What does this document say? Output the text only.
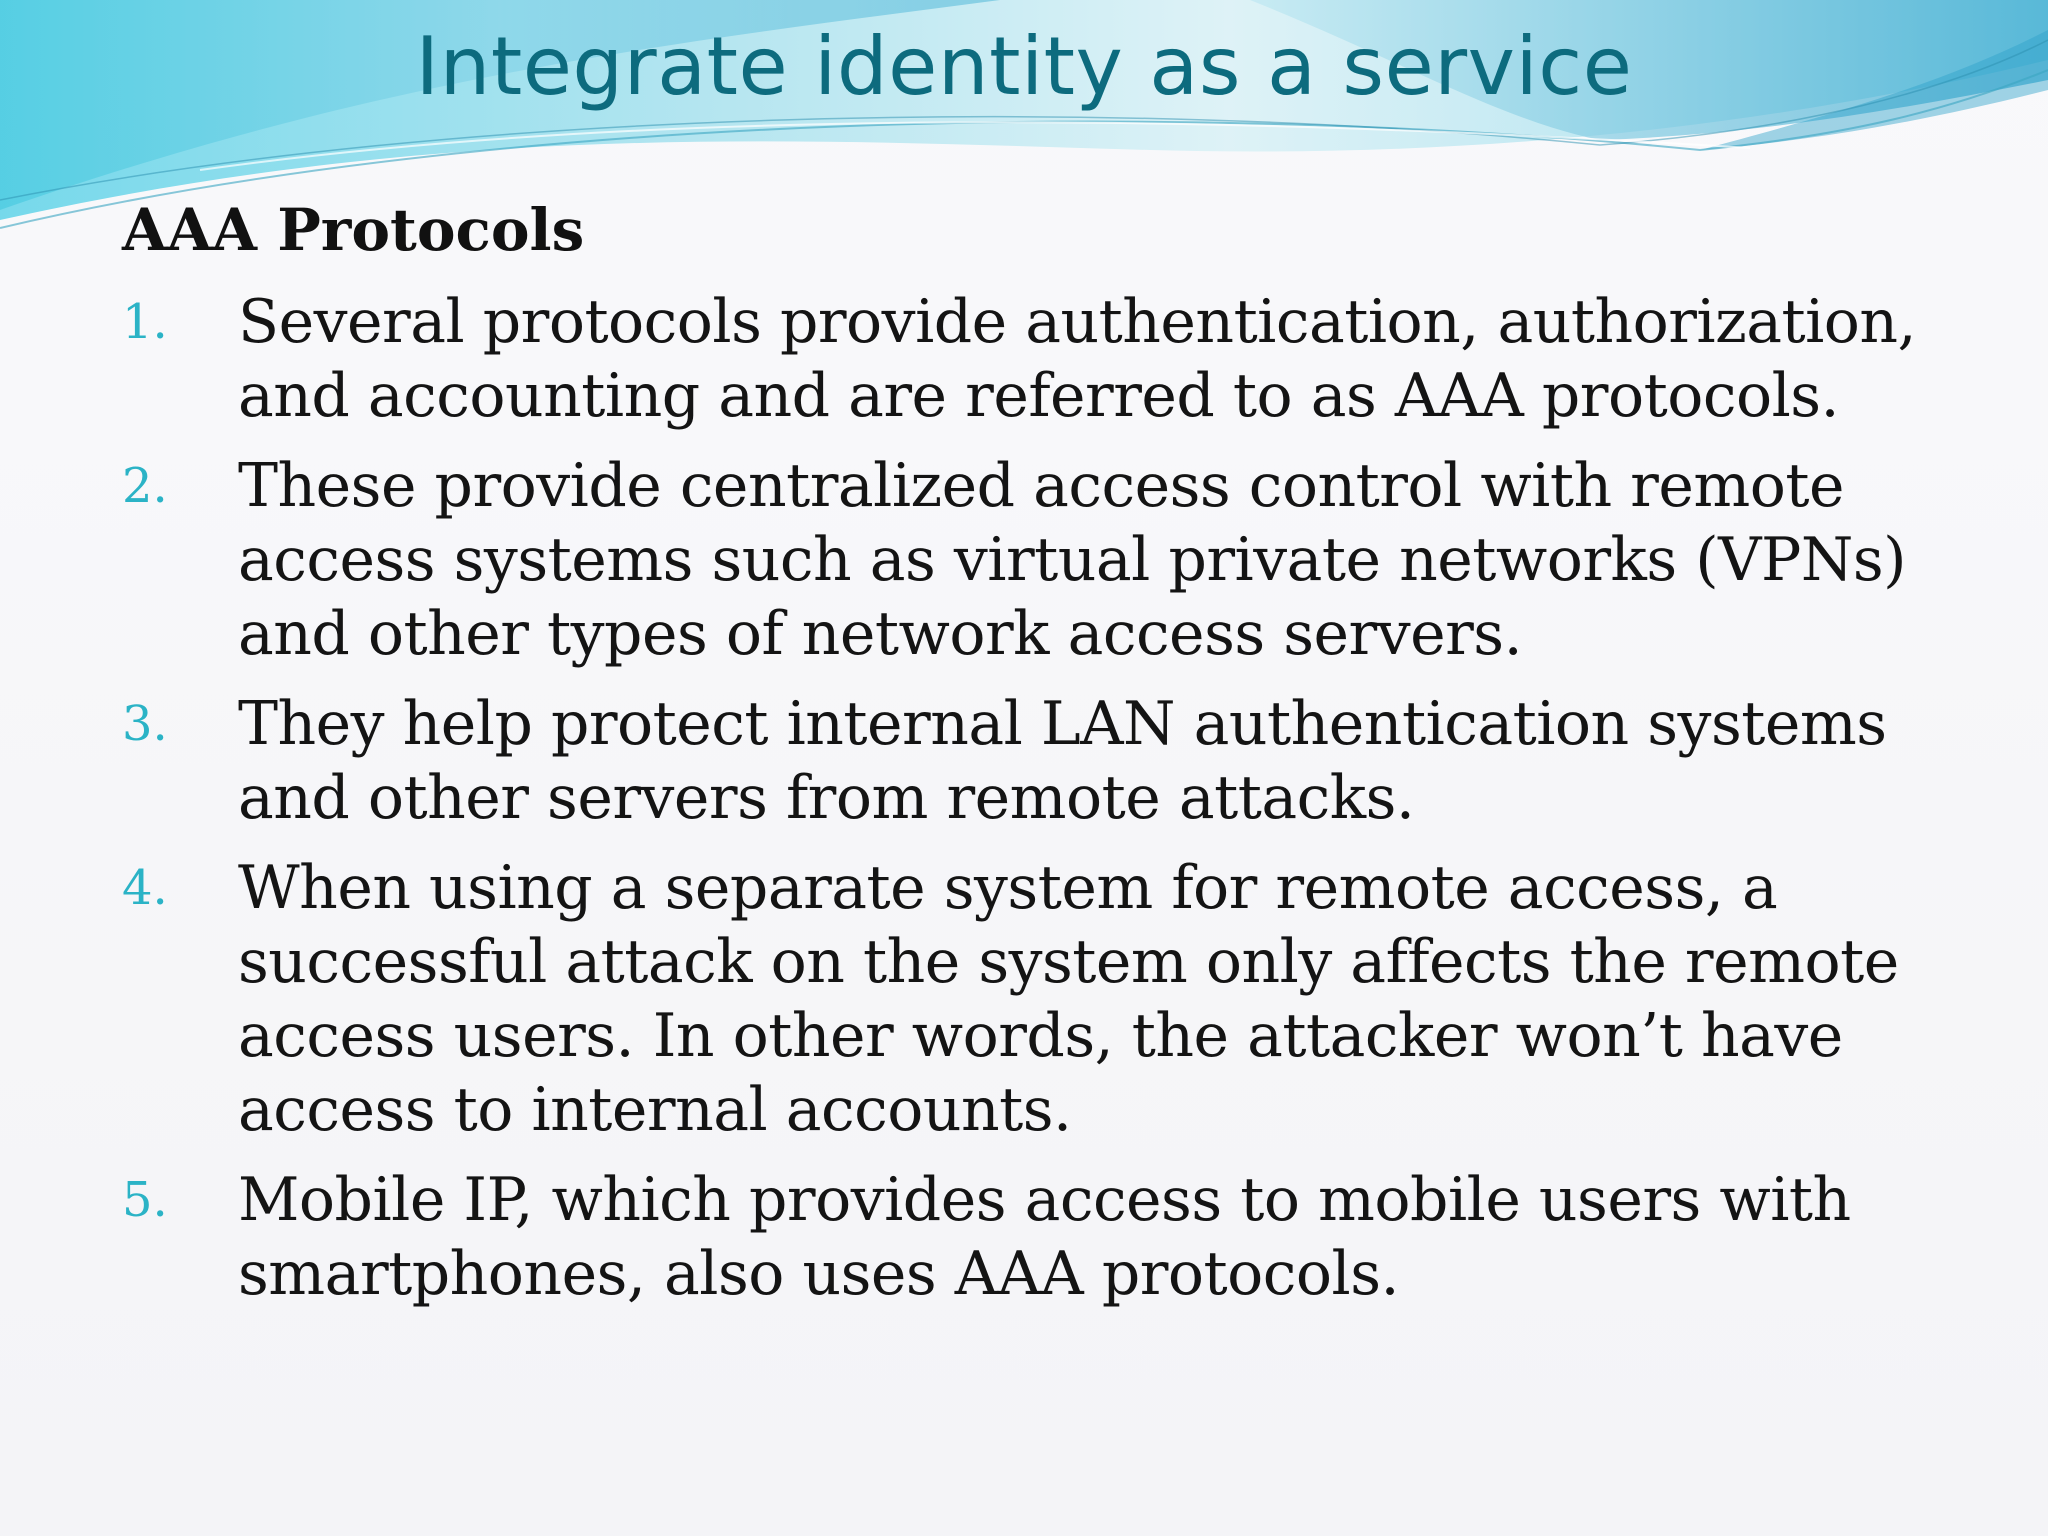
Integrate identity as a service
AAA Protocols
1. Several protocols provide authentication, authorization, and accounting and are referred to as AAA protocols.
2. These provide centralized access control with remote access systems such as virtual private networks (VPNs) and other types of network access servers.
3. They help protect internal LAN authentication systems and other servers from remote attacks.
4. When using a separate system for remote access, a successful attack on the system only affects the remote access users. In other words, the attacker won’t have access to internal accounts.
5. Mobile IP, which provides access to mobile users with smartphones, also uses AAA protocols.
